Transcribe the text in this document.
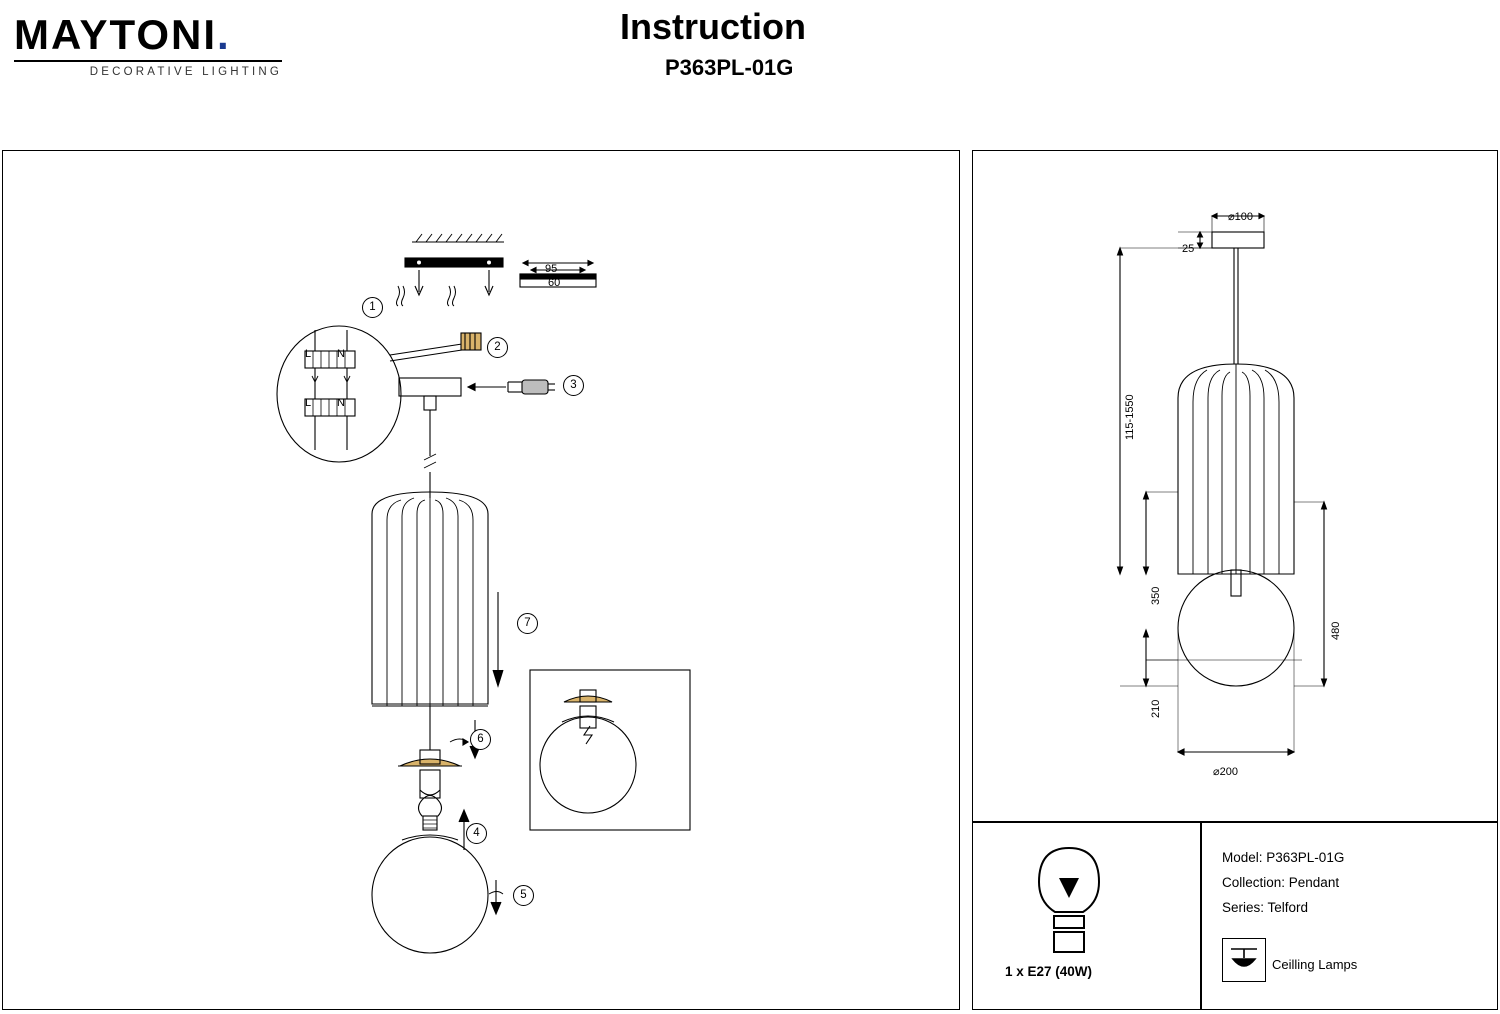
MAYTONI.
DECORATIVE LIGHTING
Instruction
P363PL-01G
95
60
L N
L N
1
2
3
4
5
6
7
⌀100
25
115-1550
350
210
480
⌀200
1 x E27 (40W)
Model: P363PL-01G
Collection: Pendant
Series: Telford
Ceilling Lamps
